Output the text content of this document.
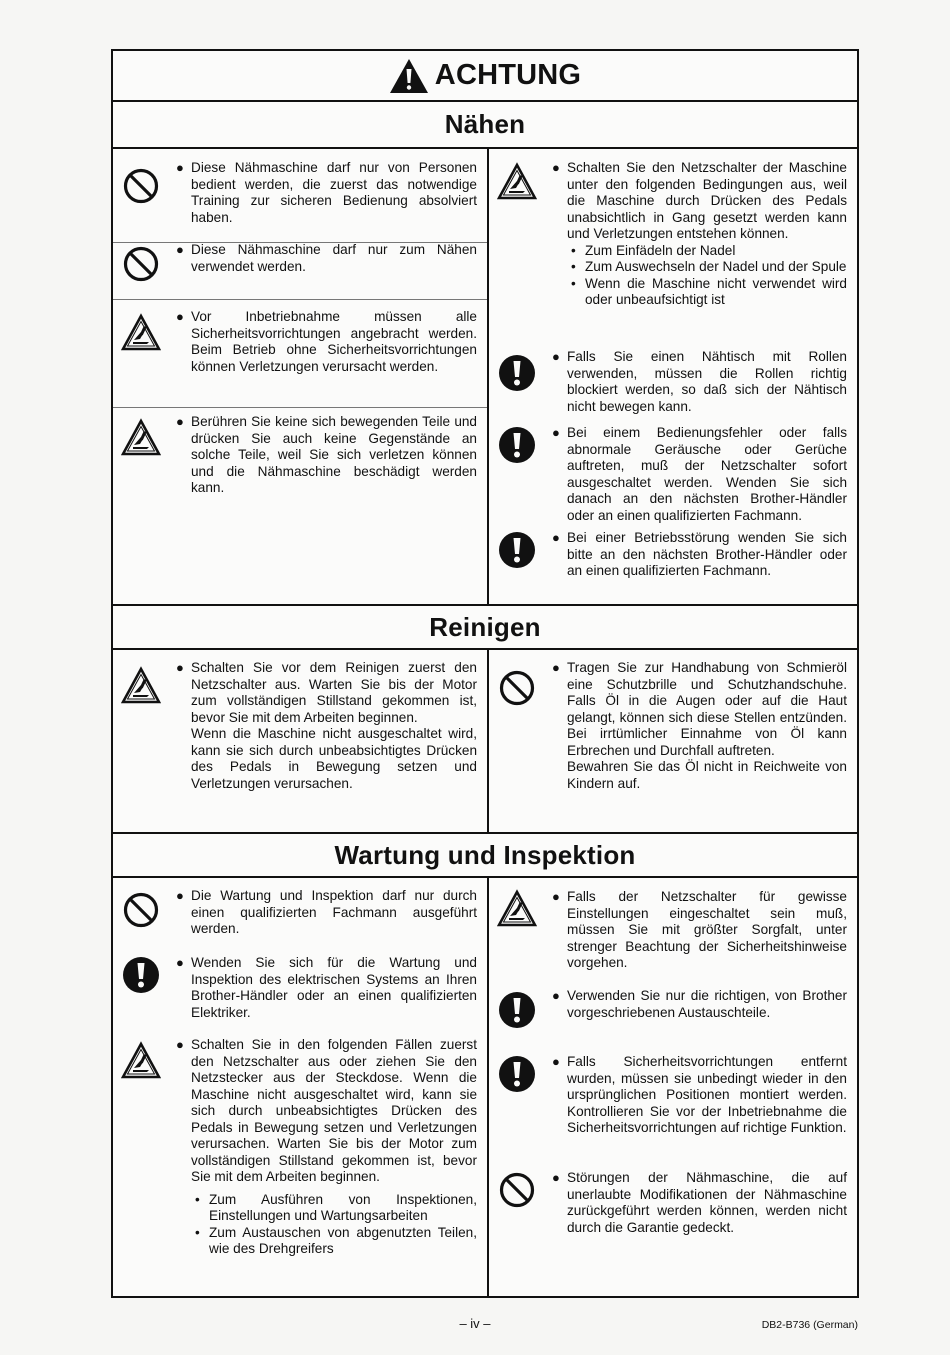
ACHTUNG
Nähen
● Diese Nähmaschine darf nur von Personen bedient werden, die zuerst das notwendige Training zur sicheren Bedienung absolviert haben.
● Diese Nähmaschine darf nur zum Nähen verwendet werden.
● Vor Inbetriebnahme müssen alle Sicherheitsvorrichtungen angebracht werden. Beim Betrieb ohne Sicherheitsvorrichtungen können Verletzungen verursacht werden.
● Berühren Sie keine sich bewegenden Teile und drücken Sie auch keine Gegenstände an solche Teile, weil Sie sich verletzen können und die Nähmaschine beschädigt werden kann.
● Schalten Sie den Netzschalter der Maschine unter den folgenden Bedingungen aus, weil die Maschine durch Drücken des Pedals unabsichtlich in Gang gesetzt werden kann und Verletzungen entstehen können.
• Zum Einfädeln der Nadel
• Zum Auswechseln der Nadel und der Spule
• Wenn die Maschine nicht verwendet wird oder unbeaufsichtigt ist
● Falls Sie einen Nähtisch mit Rollen verwenden, müssen die Rollen richtig blockiert werden, so daß sich der Nähtisch nicht bewegen kann.
● Bei einem Bedienungsfehler oder falls abnormale Geräusche oder Gerüche auftreten, muß der Netzschalter sofort ausgeschaltet werden. Wenden Sie sich danach an den nächsten Brother-Händler oder an einen qualifizierten Fachmann.
● Bei einer Betriebsstörung wenden Sie sich bitte an den nächsten Brother-Händler oder an einen qualifizierten Fachmann.
Reinigen
● Schalten Sie vor dem Reinigen zuerst den Netzschalter aus. Warten Sie bis der Motor zum vollständigen Stillstand gekommen ist, bevor Sie mit dem Arbeiten beginnen.
Wenn die Maschine nicht ausgeschaltet wird, kann sie sich durch unbeabsichtigtes Drücken des Pedals in Bewegung setzen und Verletzungen verursachen.
● Tragen Sie zur Handhabung von Schmieröl eine Schutzbrille und Schutzhandschuhe. Falls Öl in die Augen oder auf die Haut gelangt, können sich diese Stellen entzünden. Bei irrtümlicher Einnahme von Öl kann Erbrechen und Durchfall auftreten.
Bewahren Sie das Öl nicht in Reichweite von Kindern auf.
Wartung und Inspektion
● Die Wartung und Inspektion darf nur durch einen qualifizierten Fachmann ausgeführt werden.
● Wenden Sie sich für die Wartung und Inspektion des elektrischen Systems an Ihren Brother-Händler oder an einen qualifizierten Elektriker.
● Schalten Sie in den folgenden Fällen zuerst den Netzschalter aus oder ziehen Sie den Netzstecker aus der Steckdose. Wenn die Maschine nicht ausgeschaltet wird, kann sie sich durch unbeabsichtigtes Drücken des Pedals in Bewegung setzen und Verletzungen verursachen. Warten Sie bis der Motor zum vollständigen Stillstand gekommen ist, bevor Sie mit dem Arbeiten beginnen.
• Zum Ausführen von Inspektionen, Einstellungen und Wartungsarbeiten
• Zum Austauschen von abgenutzten Teilen, wie des Drehgreifers
● Falls der Netzschalter für gewisse Einstellungen eingeschaltet sein muß, müssen Sie mit größter Sorgfalt, unter strenger Beachtung der Sicherheitshinweise vorgehen.
● Verwenden Sie nur die richtigen, von Brother vorgeschriebenen Austauschteile.
● Falls Sicherheitsvorrichtungen entfernt wurden, müssen sie unbedingt wieder in den ursprünglichen Positionen montiert werden. Kontrollieren Sie vor der Inbetriebnahme die Sicherheitsvorrichtungen auf richtige Funktion.
● Störungen der Nähmaschine, die auf unerlaubte Modifikationen der Nähmaschine zurückgeführt werden können, werden nicht durch die Garantie gedeckt.
– iv –	DB2-B736 (German)
